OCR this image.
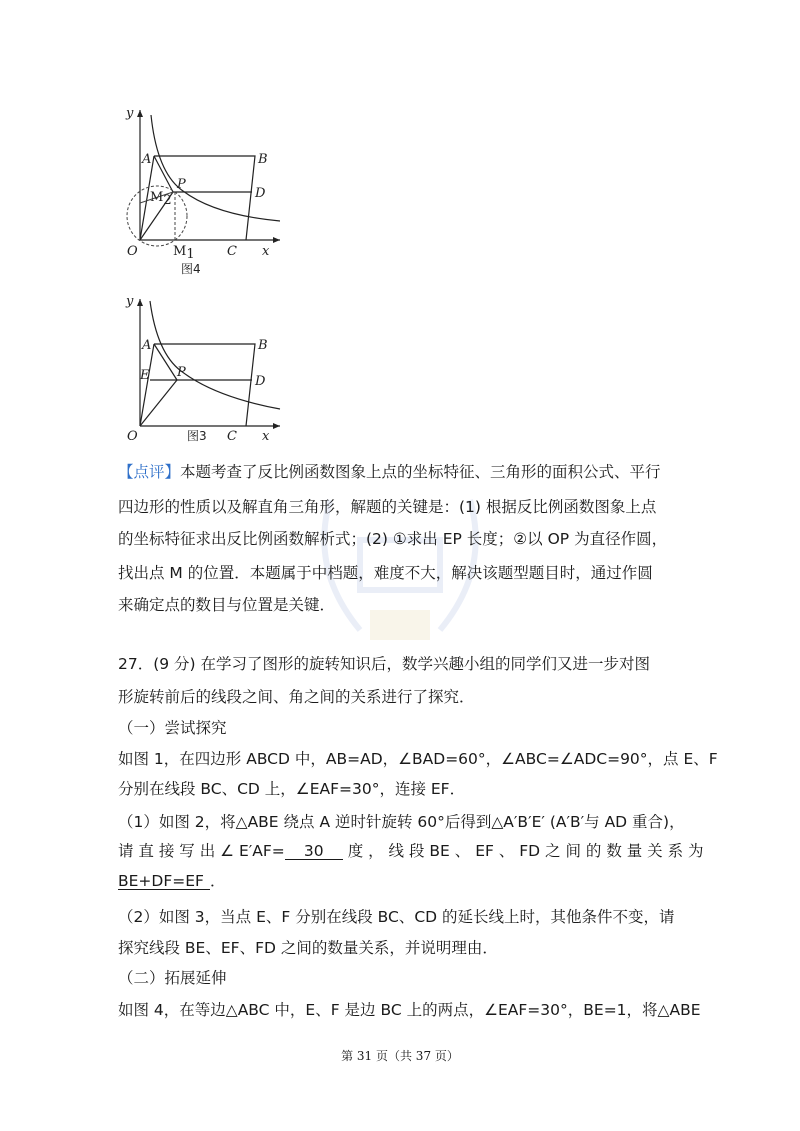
y
A	B
P
D
M2
O	M1 C x
图4
y
A	B
E P
D
O	图3 C x
【点评】本题考查了反比例函数图象上点的坐标特征、三角形的面积公式、平行
四边形的性质以及解直角三角形，解题的关键是：(1) 根据反比例函数图象上点
的坐标特征求出反比例函数解析式；(2) ①求出 EP 长度；②以 OP 为直径作圆，
找出点 M 的位置．本题属于中档题，难度不大，解决该题型题目时，通过作圆
来确定点的数目与位置是关键．
27．(9 分) 在学习了图形的旋转知识后，数学兴趣小组的同学们又进一步对图
形旋转前后的线段之间、角之间的关系进行了探究．
（一）尝试探究
如图 1，在四边形 ABCD 中，AB=AD，∠BAD=60°，∠ABC=∠ADC=90°，点 E、F
分别在线段 BC、CD 上，∠EAF=30°，连接 EF．
（1）如图 2，将△ABE 绕点 A 逆时针旋转 60°后得到△A′B′E′ (A′B′与 AD 重合)，
请 直 接 写 出 ∠ E′AF= 30 度 ， 线 段 BE 、 EF 、 FD 之 间 的 数 量 关 系 为
BE+DF=EF ．
（2）如图 3，当点 E、F 分别在线段 BC、CD 的延长线上时，其他条件不变，请
探究线段 BE、EF、FD 之间的数量关系，并说明理由．
（二）拓展延伸
如图 4，在等边△ABC 中，E、F 是边 BC 上的两点，∠EAF=30°，BE=1，将△ABE
第 31 页（共 37 页）
